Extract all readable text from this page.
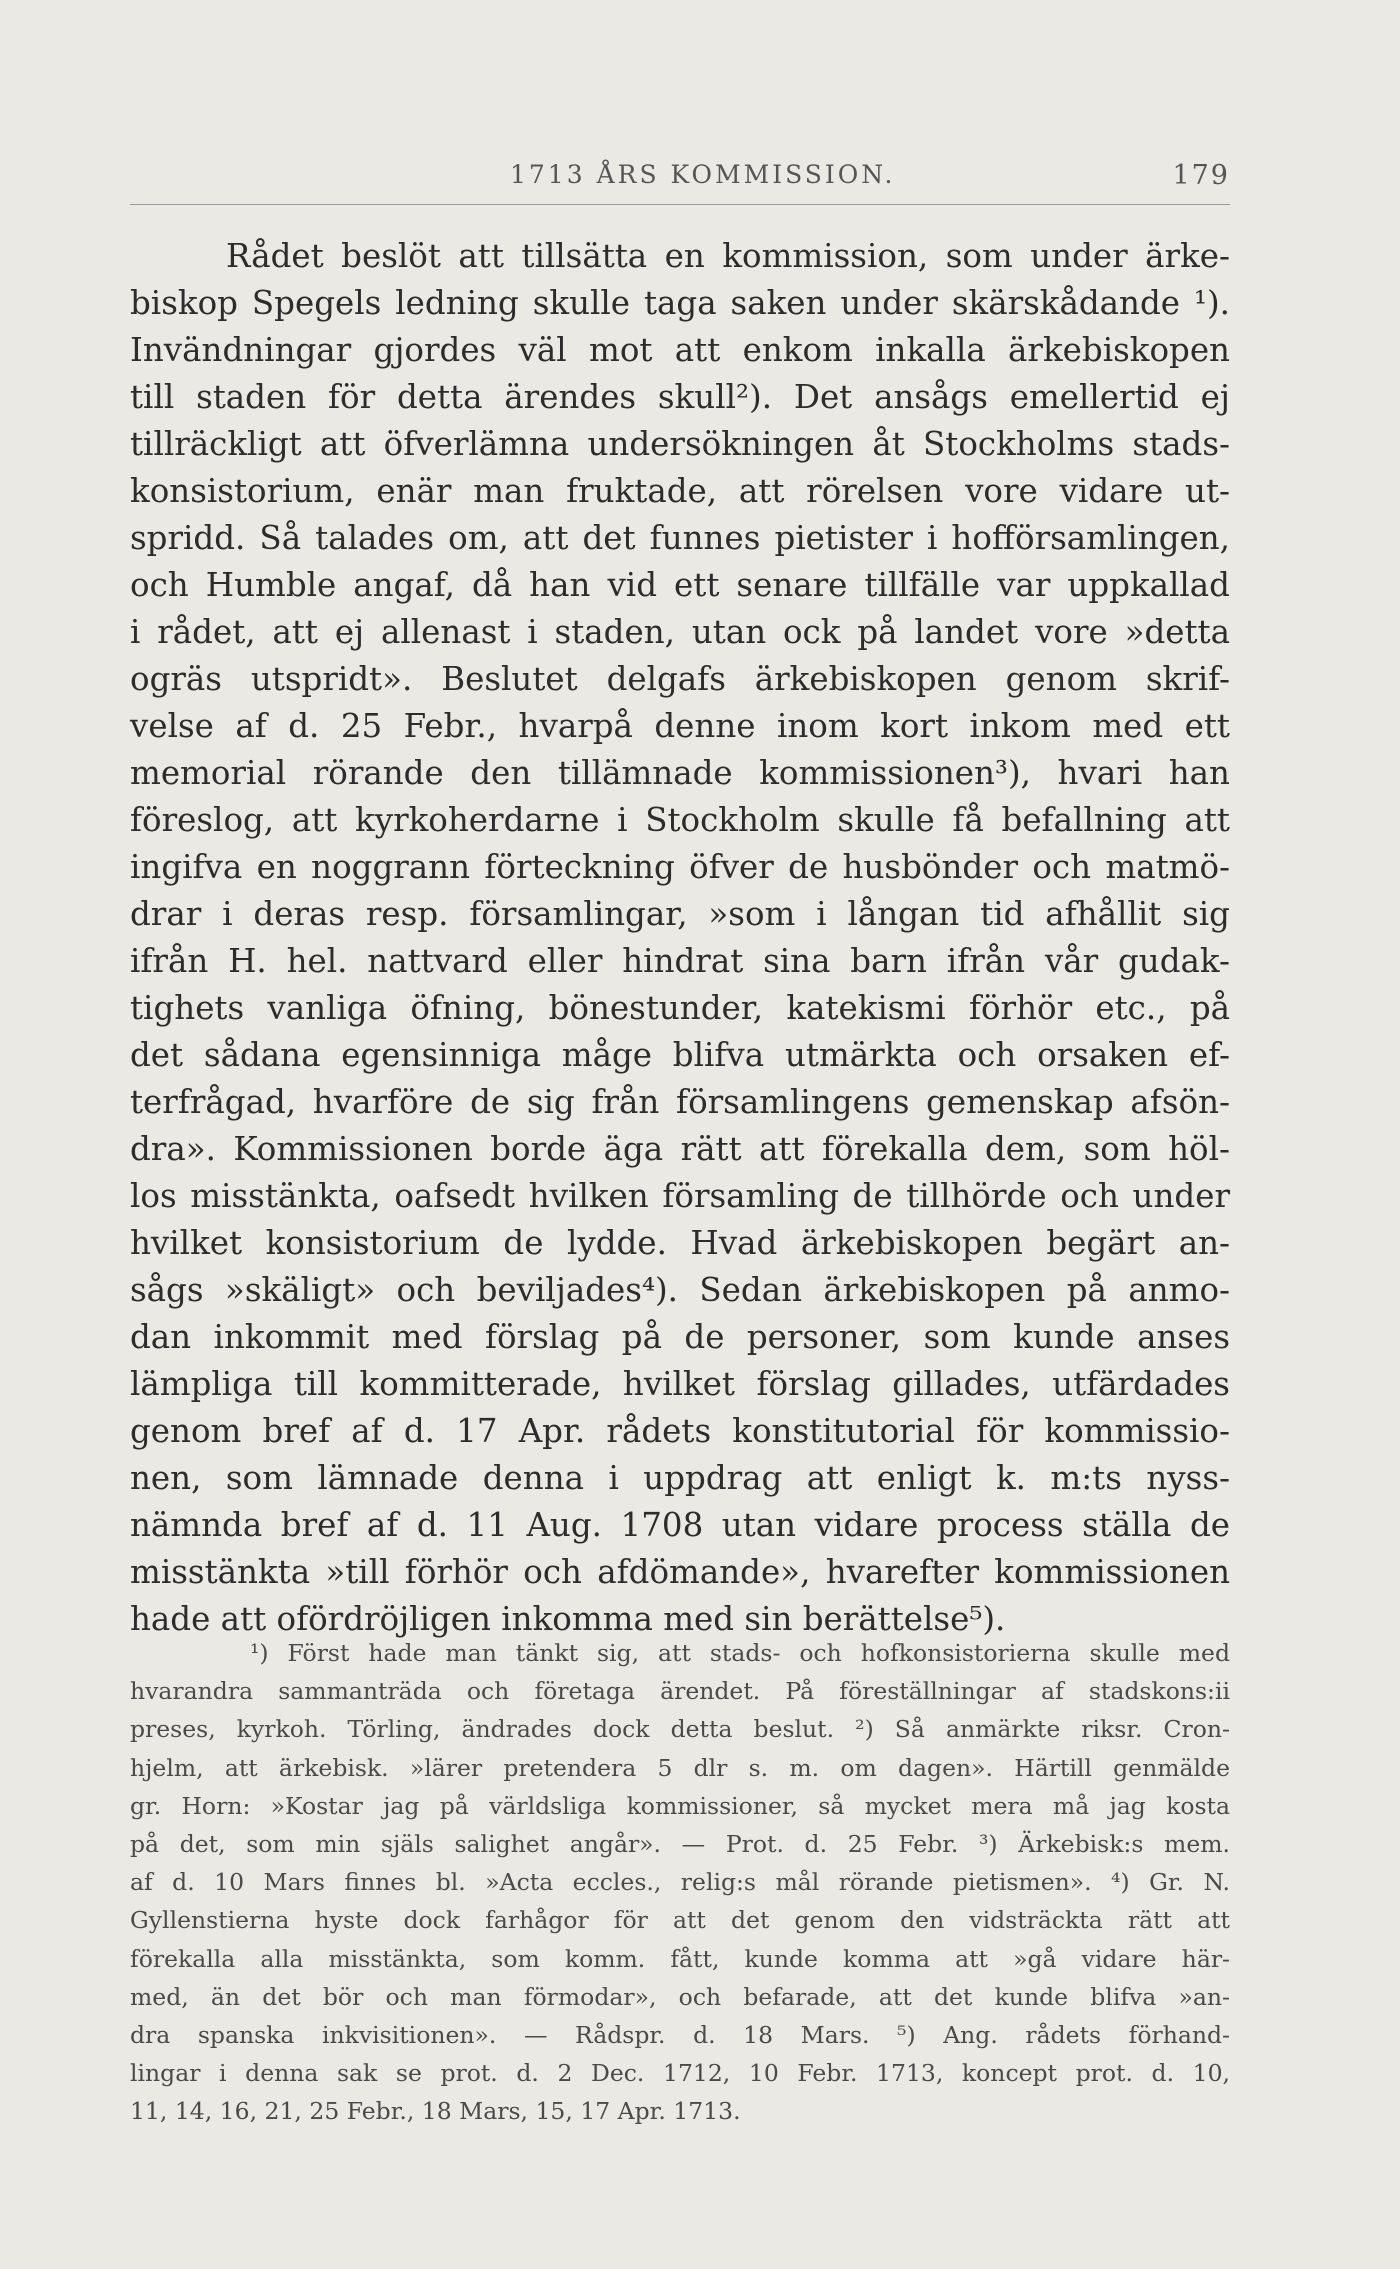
1713 ÅRS KOMMISSION.	179
Rådet beslöt att tillsätta en kommission, som under ärke-
biskop Spegels ledning skulle taga saken under skärskådande ¹).
Invändningar gjordes väl mot att enkom inkalla ärkebiskopen
till staden för detta ärendes skull²). Det ansågs emellertid ej
tillräckligt att öfverlämna undersökningen åt Stockholms stads-
konsistorium, enär man fruktade, att rörelsen vore vidare ut-
spridd. Så talades om, att det funnes pietister i hofförsamlingen,
och Humble angaf, då han vid ett senare tillfälle var uppkallad
i rådet, att ej allenast i staden, utan ock på landet vore »detta
ogräs utspridt». Beslutet delgafs ärkebiskopen genom skrif-
velse af d. 25 Febr., hvarpå denne inom kort inkom med ett
memorial rörande den tillämnade kommissionen³), hvari han
föreslog, att kyrkoherdarne i Stockholm skulle få befallning att
ingifva en noggrann förteckning öfver de husbönder och matmö-
drar i deras resp. församlingar, »som i långan tid afhållit sig
ifrån H. hel. nattvard eller hindrat sina barn ifrån vår gudak-
tighets vanliga öfning, bönestunder, katekismi förhör etc., på
det sådana egensinniga måge blifva utmärkta och orsaken ef-
terfrågad, hvarföre de sig från församlingens gemenskap afsön-
dra». Kommissionen borde äga rätt att förekalla dem, som höl-
los misstänkta, oafsedt hvilken församling de tillhörde och under
hvilket konsistorium de lydde. Hvad ärkebiskopen begärt an-
sågs »skäligt» och beviljades⁴). Sedan ärkebiskopen på anmo-
dan inkommit med förslag på de personer, som kunde anses
lämpliga till kommitterade, hvilket förslag gillades, utfärdades
genom bref af d. 17 Apr. rådets konstitutorial för kommissio-
nen, som lämnade denna i uppdrag att enligt k. m:ts nyss-
nämnda bref af d. 11 Aug. 1708 utan vidare process ställa de
misstänkta »till förhör och afdömande», hvarefter kommissionen
hade att ofördröjligen inkomma med sin berättelse⁵).
¹) Först hade man tänkt sig, att stads- och hofkonsistorierna skulle med
hvarandra sammanträda och företaga ärendet. På föreställningar af stadskons:ii
preses, kyrkoh. Törling, ändrades dock detta beslut. ²) Så anmärkte riksr. Cron-
hjelm, att ärkebisk. »lärer pretendera 5 dlr s. m. om dagen». Härtill genmälde
gr. Horn: »Kostar jag på världsliga kommissioner, så mycket mera må jag kosta
på det, som min själs salighet angår». — Prot. d. 25 Febr. ³) Ärkebisk:s mem.
af d. 10 Mars finnes bl. »Acta eccles., relig:s mål rörande pietismen». ⁴) Gr. N.
Gyllenstierna hyste dock farhågor för att det genom den vidsträckta rätt att
förekalla alla misstänkta, som komm. fått, kunde komma att »gå vidare här-
med, än det bör och man förmodar», och befarade, att det kunde blifva »an-
dra spanska inkvisitionen». — Rådspr. d. 18 Mars. ⁵) Ang. rådets förhand-
lingar i denna sak se prot. d. 2 Dec. 1712, 10 Febr. 1713, koncept prot. d. 10,
11, 14, 16, 21, 25 Febr., 18 Mars, 15, 17 Apr. 1713.
